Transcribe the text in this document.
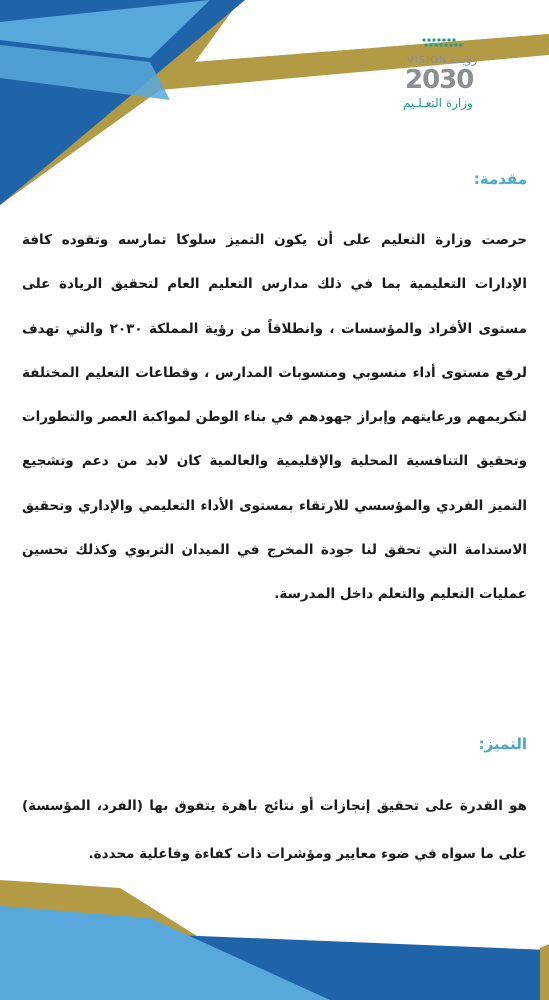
VISION رؤيــة
2030
وزارة التعـلـيم
مقدمة:

حرصت وزارة التعليم على أن يكون التميز سلوكا تمارسه وتقوده كافة الإدارات التعليمية بما في ذلك مدارس التعليم العام لتحقيق الريادة على مستوى الأفراد والمؤسسات ، وانطلاقاً من رؤية المملكة ٢٠٣٠ والتي تهدف لرفع مستوى أداء منسوبي ومنسوبات المدارس ، وقطاعات التعليم المختلفة لتكريمهم ورعايتهم وإبراز جهودهم في بناء الوطن لمواكبة العصر والتطورات وتحقيق التنافسية المحلية والإقليمية والعالمية كان لابد من دعم وتشجيع التميز الفردي والمؤسسي للارتقاء بمستوى الأداء التعليمي والإداري وتحقيق الاستدامة التي تحقق لنا جودة المخرج في الميدان التربوي وكذلك تحسين عمليات التعليم والتعلم داخل المدرسة.

التميز:

هو القدرة على تحقيق إنجازات أو نتائج باهرة يتفوق بها (الفرد، المؤسسة) على ما سواه في ضوء معايير ومؤشرات ذات كفاءة وفاعلية محددة.
